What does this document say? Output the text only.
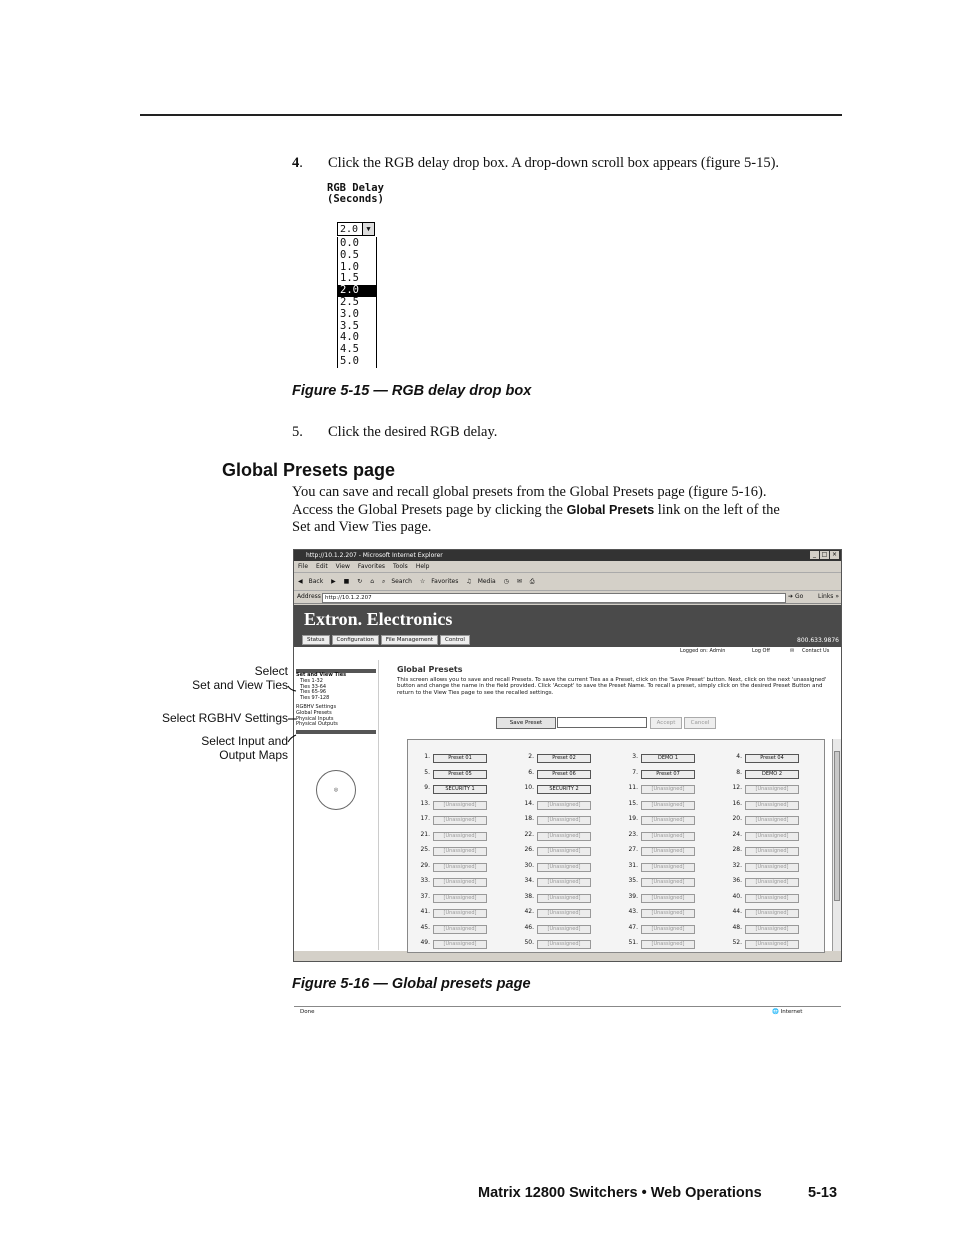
4. Click the RGB delay drop box. A drop-down scroll box appears (figure 5-15).
RGB Delay
(Seconds)
2.0	▼
0.0
0.5
1.0
1.5
2.0
2.5
3.0
3.5
4.0
4.5
5.0
Figure 5-15 — RGB delay drop box
5. Click the desired RGB delay.
Global Presets page
You can save and recall global presets from the Global Presets page (figure 5-16).
Access the Global Presets page by clicking the Global Presets link on the left of the
Set and View Ties page.
http://10.1.2.207 - Microsoft Internet Explorer	_ □ ×
File Edit View Favorites Tools Help
◀ Back ▶ ■ ↻ ⌂ ⌕ Search ☆ Favorites ♫ Media ◷ ✉ ⎙
Address http://10.1.2.207	➔ Go Links »
Extron. Electronics
800.633.9876
Status	Configuration	File Management	Control
Logged on: Admin	Log Off	✉ Contact Us
Set and View Ties
Ties 1-32
Ties 33-64
Ties 65-96
Ties 97-128
RGBHV Settings
Global Presets
Physical Inputs
Physical Outputs
◎
Global Presets
This screen allows you to save and recall Presets. To save the current Ties as a Preset, click on the 'Save Preset' button. Next, click on the next 'unassigned' button and change the name in the field provided. Click 'Accept' to save the Preset Name. To recall a preset, simply click on the desired Preset Button and return to the View Ties page to see the recalled settings.
Save Preset	Accept	Cancel
1.	Preset 01	2.	Preset 02	3.	DEMO 1	4.	Preset 04
5.	Preset 05	6.	Preset 06	7.	Preset 07	8.	DEMO 2
9.	SECURITY 1	10.	SECURITY 2	11.	[Unassigned]	12.	[Unassigned]
13.	[Unassigned]	14.	[Unassigned]	15.	[Unassigned]	16.	[Unassigned]
17.	[Unassigned]	18.	[Unassigned]	19.	[Unassigned]	20.	[Unassigned]
21.	[Unassigned]	22.	[Unassigned]	23.	[Unassigned]	24.	[Unassigned]
25.	[Unassigned]	26.	[Unassigned]	27.	[Unassigned]	28.	[Unassigned]
29.	[Unassigned]	30.	[Unassigned]	31.	[Unassigned]	32.	[Unassigned]
33.	[Unassigned]	34.	[Unassigned]	35.	[Unassigned]	36.	[Unassigned]
37.	[Unassigned]	38.	[Unassigned]	39.	[Unassigned]	40.	[Unassigned]
41.	[Unassigned]	42.	[Unassigned]	43.	[Unassigned]	44.	[Unassigned]
45.	[Unassigned]	46.	[Unassigned]	47.	[Unassigned]	48.	[Unassigned]
49.	[Unassigned]	50.	[Unassigned]	51.	[Unassigned]	52.	[Unassigned]
Done	🌐 Internet
Select
Set and View Ties
Select RGBHV Settings
Select Input and
Output Maps
Figure 5-16 — Global presets page
Matrix 12800 Switchers • Web Operations	5-13
